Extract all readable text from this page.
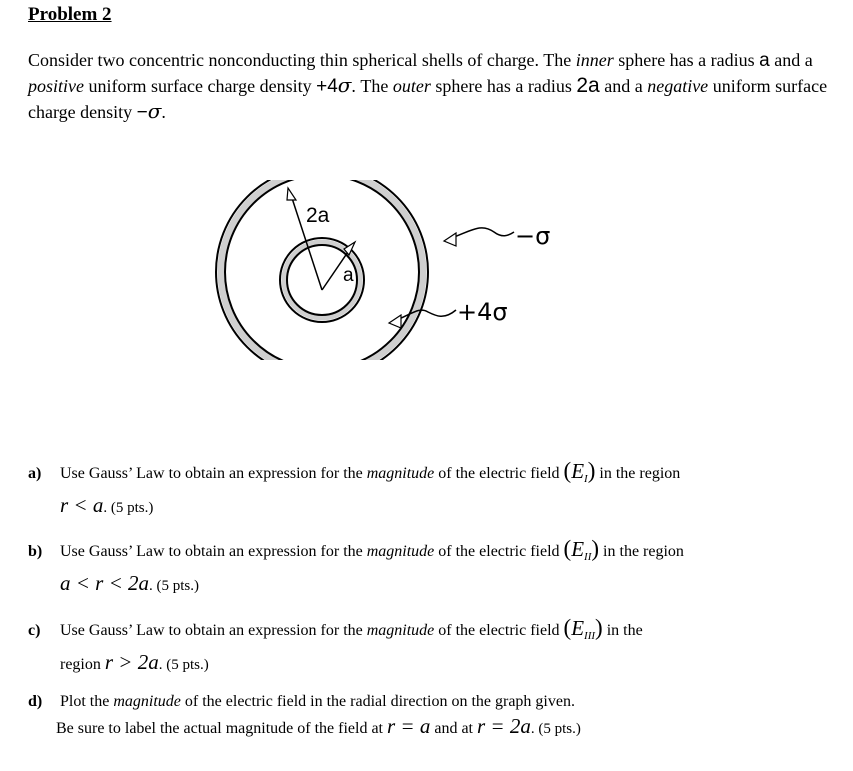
Problem 2
Consider two concentric nonconducting thin spherical shells of charge. The inner sphere has a radius a and a positive uniform surface charge density +4σ. The outer sphere has a radius 2a and a negative uniform surface charge density −σ.
2a
a
−σ
+4σ
a) Use Gauss’ Law to obtain an expression for the magnitude of the electric field $(E_I)$ in the region
r < a. (5 pts.)
b) Use Gauss’ Law to obtain an expression for the magnitude of the electric field $(E_{II})$ in the region
a < r < 2a. (5 pts.)
c) Use Gauss’ Law to obtain an expression for the magnitude of the electric field $(E_{III})$ in the
region r > 2a. (5 pts.)
d) Plot the magnitude of the electric field in the radial direction on the graph given.
Be sure to label the actual magnitude of the field at r = a and at r = 2a. (5 pts.)
